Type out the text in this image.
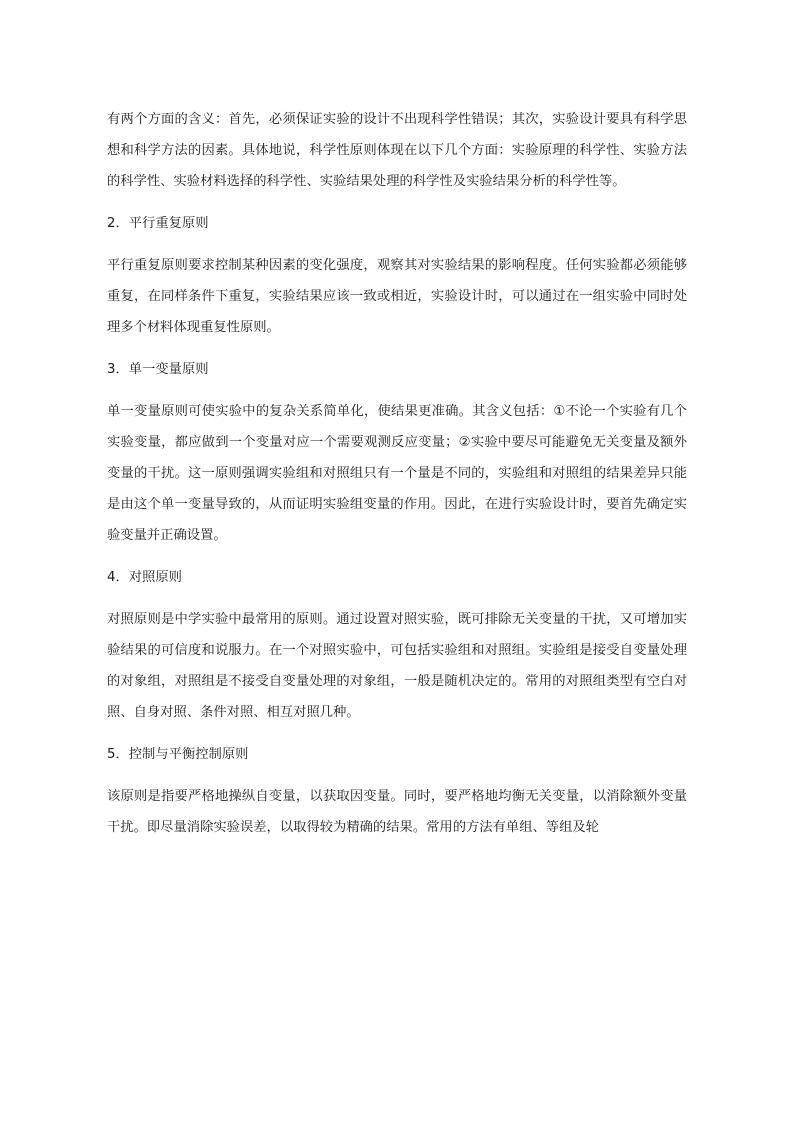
有两个方面的含义：首先，必须保证实验的设计不出现科学性错误；其次，实验设计要具有科学思想和科学方法的因素。具体地说，科学性原则体现在以下几个方面：实验原理的科学性、实验方法的科学性、实验材料选择的科学性、实验结果处理的科学性及实验结果分析的科学性等。

2．平行重复原则

平行重复原则要求控制某种因素的变化强度，观察其对实验结果的影响程度。任何实验都必须能够重复，在同样条件下重复，实验结果应该一致或相近，实验设计时，可以通过在一组实验中同时处理多个材料体现重复性原则。

3．单一变量原则

单一变量原则可使实验中的复杂关系简单化，使结果更准确。其含义包括：①不论一个实验有几个实验变量，都应做到一个变量对应一个需要观测反应变量；②实验中要尽可能避免无关变量及额外变量的干扰。这一原则强调实验组和对照组只有一个量是不同的，实验组和对照组的结果差异只能是由这个单一变量导致的，从而证明实验组变量的作用。因此，在进行实验设计时，要首先确定实验变量并正确设置。

4．对照原则

对照原则是中学实验中最常用的原则。通过设置对照实验，既可排除无关变量的干扰，又可增加实验结果的可信度和说服力。在一个对照实验中，可包括实验组和对照组。实验组是接受自变量处理的对象组，对照组是不接受自变量处理的对象组，一般是随机决定的。常用的对照组类型有空白对照、自身对照、条件对照、相互对照几种。

5．控制与平衡控制原则

该原则是指要严格地操纵自变量，以获取因变量。同时，要严格地均衡无关变量，以消除额外变量干扰。即尽量消除实验误差，以取得较为精确的结果。常用的方法有单组、等组及轮
